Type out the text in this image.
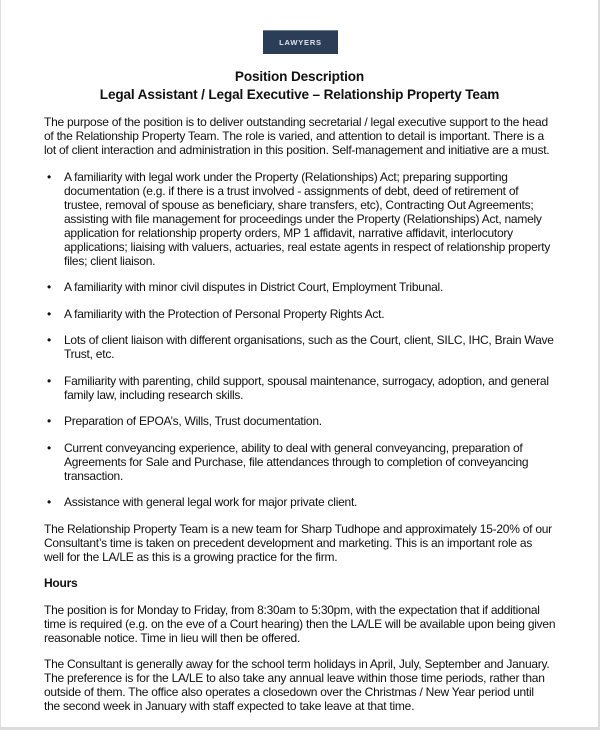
LAWYERS
Position Description
Legal Assistant / Legal Executive – Relationship Property Team
The purpose of the position is to deliver outstanding secretarial / legal executive support to the head
of the Relationship Property Team. The role is varied, and attention to detail is important. There is a
lot of client interaction and administration in this position. Self-management and initiative are a must.
• A familiarity with legal work under the Property (Relationships) Act; preparing supporting
documentation (e.g. if there is a trust involved - assignments of debt, deed of retirement of
trustee, removal of spouse as beneficiary, share transfers, etc), Contracting Out Agreements;
assisting with file management for proceedings under the Property (Relationships) Act, namely
application for relationship property orders, MP 1 affidavit, narrative affidavit, interlocutory
applications; liaising with valuers, actuaries, real estate agents in respect of relationship property
files; client liaison.
• A familiarity with minor civil disputes in District Court, Employment Tribunal.
• A familiarity with the Protection of Personal Property Rights Act.
• Lots of client liaison with different organisations, such as the Court, client, SILC, IHC, Brain Wave
Trust, etc.
• Familiarity with parenting, child support, spousal maintenance, surrogacy, adoption, and general
family law, including research skills.
• Preparation of EPOA’s, Wills, Trust documentation.
• Current conveyancing experience, ability to deal with general conveyancing, preparation of
Agreements for Sale and Purchase, file attendances through to completion of conveyancing
transaction.
• Assistance with general legal work for major private client.
The Relationship Property Team is a new team for Sharp Tudhope and approximately 15-20% of our
Consultant’s time is taken on precedent development and marketing. This is an important role as
well for the LA/LE as this is a growing practice for the firm.
Hours
The position is for Monday to Friday, from 8:30am to 5:30pm, with the expectation that if additional
time is required (e.g. on the eve of a Court hearing) then the LA/LE will be available upon being given
reasonable notice. Time in lieu will then be offered.
The Consultant is generally away for the school term holidays in April, July, September and January.
The preference is for the LA/LE to also take any annual leave within those time periods, rather than
outside of them. The office also operates a closedown over the Christmas / New Year period until
the second week in January with staff expected to take leave at that time.
